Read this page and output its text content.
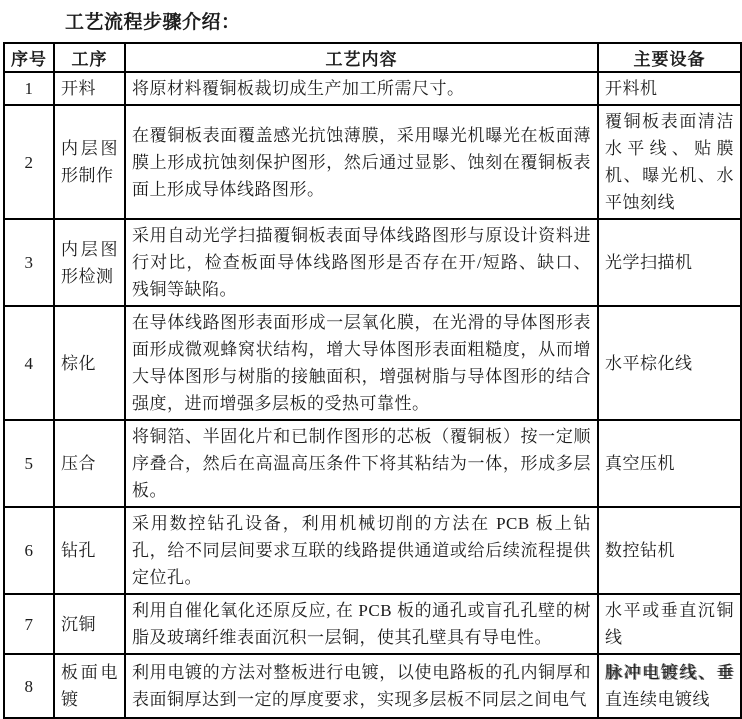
工艺流程步骤介绍：
序号	工序	工艺内容	主要设备
1	开料	将原材料覆铜板裁切成生产加工所需尺寸。	开料机
2	内层图形制作	在覆铜板表面覆盖感光抗蚀薄膜，采用曝光机曝光在板面薄膜上形成抗蚀刻保护图形，然后通过显影、蚀刻在覆铜板表面上形成导体线路图形。	覆铜板表面清洁水平线、贴膜机、曝光机、水平蚀刻线
3	内层图形检测	采用自动光学扫描覆铜板表面导体线路图形与原设计资料进行对比，检查板面导体线路图形是否存在开/短路、缺口、残铜等缺陷。	光学扫描机
4	棕化	在导体线路图形表面形成一层氧化膜，在光滑的导体图形表面形成微观蜂窝状结构，增大导体图形表面粗糙度，从而增大导体图形与树脂的接触面积，增强树脂与导体图形的结合强度，进而增强多层板的受热可靠性。	水平棕化线
5	压合	将铜箔、半固化片和已制作图形的芯板（覆铜板）按一定顺序叠合，然后在高温高压条件下将其粘结为一体，形成多层板。	真空压机
6	钻孔	采用数控钻孔设备，利用机械切削的方法在 PCB 板上钻孔，给不同层间要求互联的线路提供通道或给后续流程提供定位孔。	数控钻机
7	沉铜	利用自催化氧化还原反应, 在 PCB 板的通孔或盲孔孔壁的树脂及玻璃纤维表面沉积一层铜，使其孔壁具有导电性。	水平或垂直沉铜线
8	板面电镀	利用电镀的方法对整板进行电镀，以使电路板的孔内铜厚和表面铜厚达到一定的厚度要求，实现多层板不同层之间电气	脉冲电镀线、垂直连续电镀线
